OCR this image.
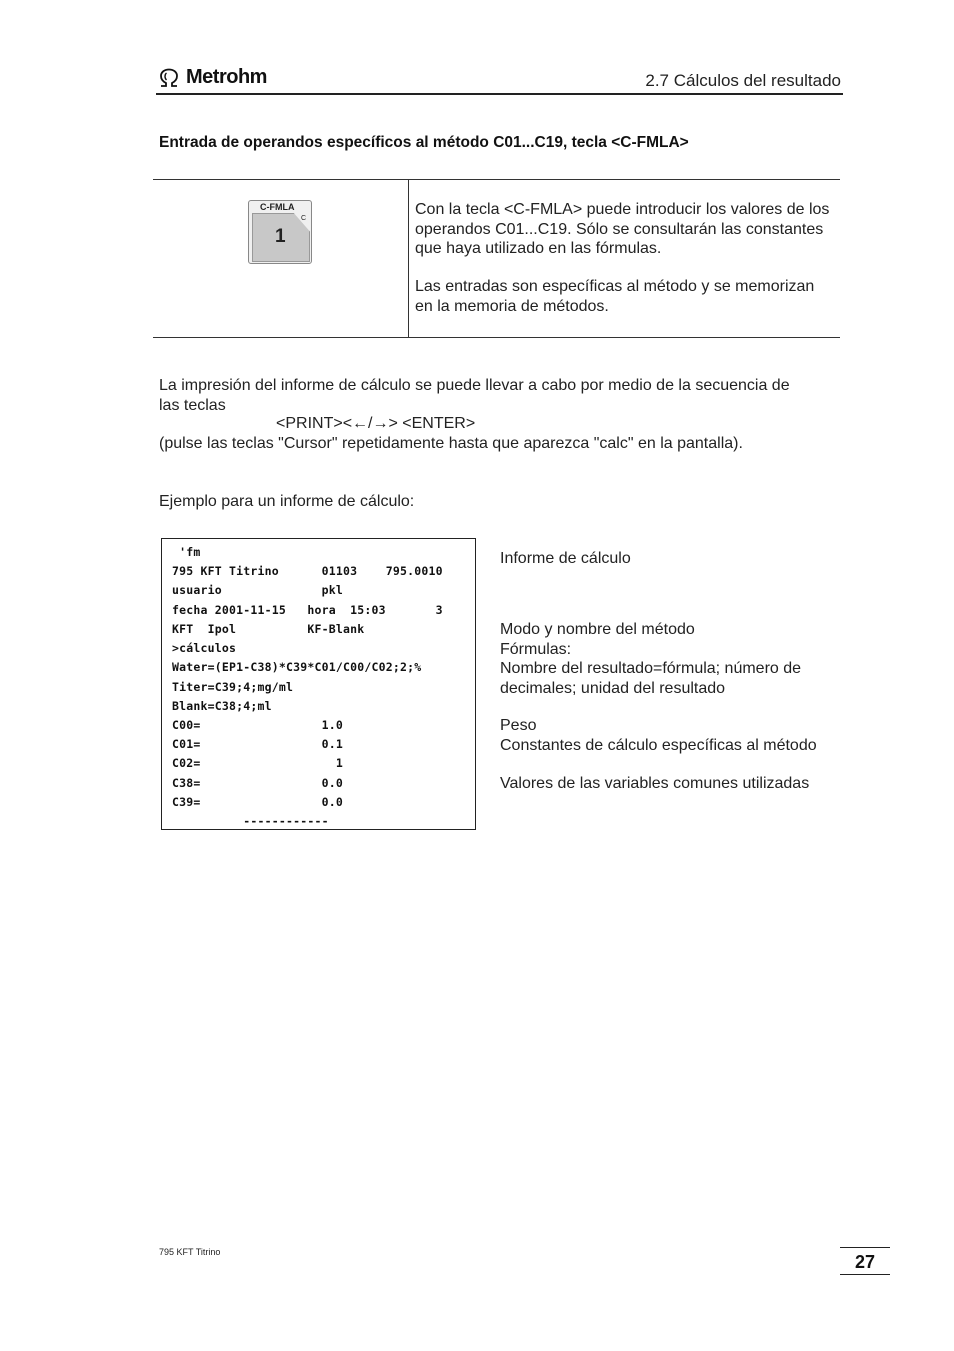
Metrohm	2.7 Cálculos del resultado
Entrada de operandos específicos al método C01...C19, tecla <C-FMLA>
C-FMLA
C
1

Con la tecla <C-FMLA> puede introducir los valores de los operandos C01...C19. Sólo se consultarán las constantes que haya utilizado en las fórmulas.

Las entradas son específicas al método y se memorizan en la memoria de métodos.

La impresión del informe de cálculo se puede llevar a cabo por medio de la secuencia de
las teclas
<PRINT><←/→> <ENTER>
(pulse las teclas "Cursor" repetidamente hasta que aparezca "calc" en la pantalla).
Ejemplo para un informe de cálculo:
'fm
795 KFT Titrino      01103    795.0010
usuario              pkl
fecha 2001-11-15   hora  15:03       3
KFT  Ipol          KF-Blank
>cálculos
Water=(EP1-C38)*C39*C01/C00/C02;2;%
Titer=C39;4;mg/ml
Blank=C38;4;ml
C00=                 1.0
C01=                 0.1
C02=                   1
C38=                 0.0
C39=                 0.0
------------
Informe de cálculo
Modo y nombre del método
Fórmulas:
Nombre del resultado=fórmula; número de decimales; unidad del resultado
Peso
Constantes de cálculo específicas al método
Valores de las variables comunes utilizadas
795 KFT Titrino	27
